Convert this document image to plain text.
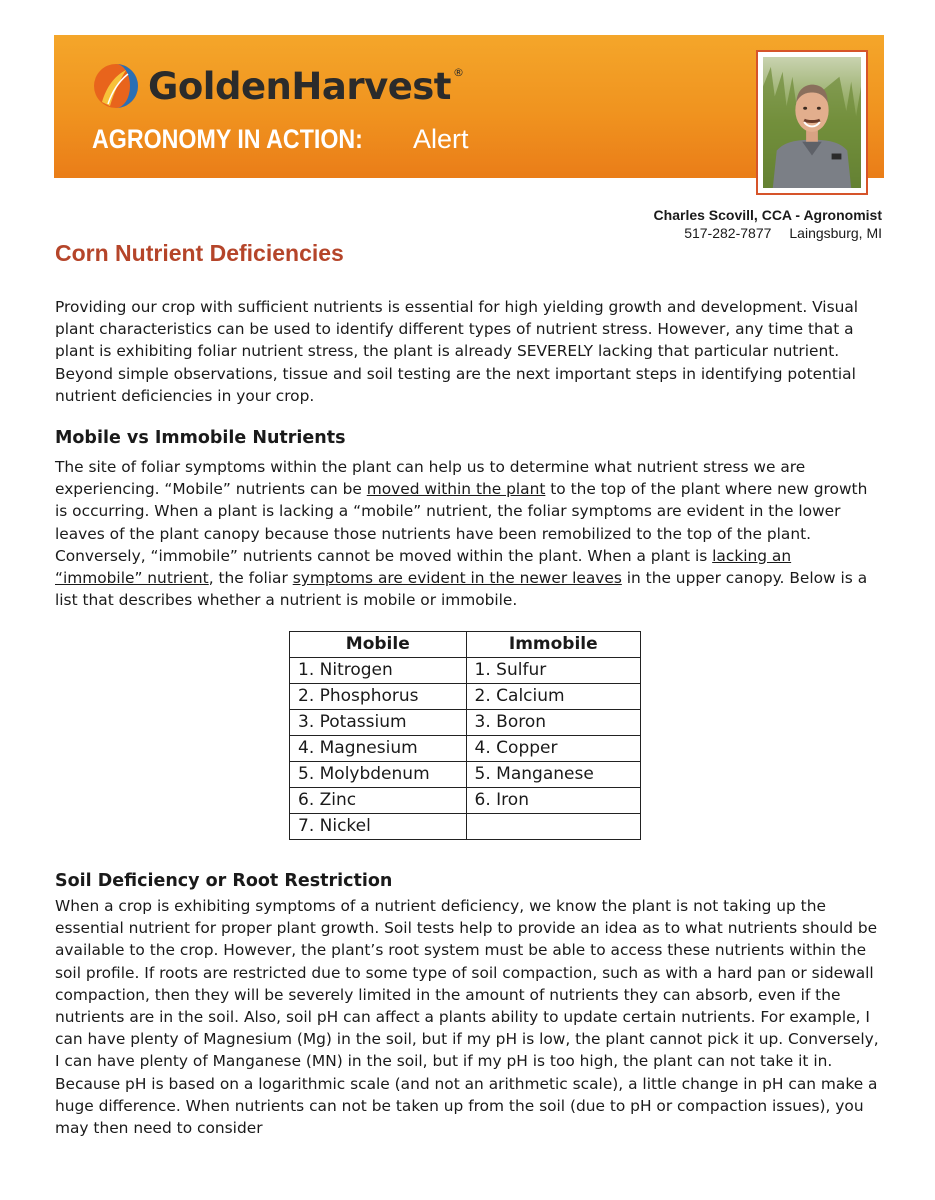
GoldenHarvest ®
AGRONOMY IN ACTION: Alert
Charles Scovill, CCA - Agronomist
517-282-7877 Laingsburg, MI
Corn Nutrient Deficiencies

Providing our crop with sufficient nutrients is essential for high yielding growth and development. Visual plant characteristics can be used to identify different types of nutrient stress. However, any time that a plant is exhibiting foliar nutrient stress, the plant is already SEVERELY lacking that particular nutrient. Beyond simple observations, tissue and soil testing are the next important steps in identifying potential nutrient deficiencies in your crop.

Mobile vs Immobile Nutrients

The site of foliar symptoms within the plant can help us to determine what nutrient stress we are experiencing. “Mobile” nutrients can be moved within the plant to the top of the plant where new growth is occurring. When a plant is lacking a “mobile” nutrient, the foliar symptoms are evident in the lower leaves of the plant canopy because those nutrients have been remobilized to the top of the plant. Conversely, “immobile” nutrients cannot be moved within the plant. When a plant is lacking an “immobile” nutrient, the foliar symptoms are evident in the newer leaves in the upper canopy. Below is a list that describes whether a nutrient is mobile or immobile.

Mobile	Immobile
1. Nitrogen	1. Sulfur
2. Phosphorus	2. Calcium
3. Potassium	3. Boron
4. Magnesium	4. Copper
5. Molybdenum	5. Manganese
6. Zinc	6. Iron
7. Nickel	
Soil Deficiency or Root Restriction

When a crop is exhibiting symptoms of a nutrient deficiency, we know the plant is not taking up the essential nutrient for proper plant growth. Soil tests help to provide an idea as to what nutrients should be available to the crop. However, the plant’s root system must be able to access these nutrients within the soil profile. If roots are restricted due to some type of soil compaction, such as with a hard pan or sidewall compaction, then they will be severely limited in the amount of nutrients they can absorb, even if the nutrients are in the soil. Also, soil pH can affect a plants ability to update certain nutrients. For example, I can have plenty of Magnesium (Mg) in the soil, but if my pH is low, the plant cannot pick it up. Conversely, I can have plenty of Manganese (MN) in the soil, but if my pH is too high, the plant can not take it in. Because pH is based on a logarithmic scale (and not an arithmetic scale), a little change in pH can make a huge difference. When nutrients can not be taken up from the soil (due to pH or compaction issues), you may then need to consider
